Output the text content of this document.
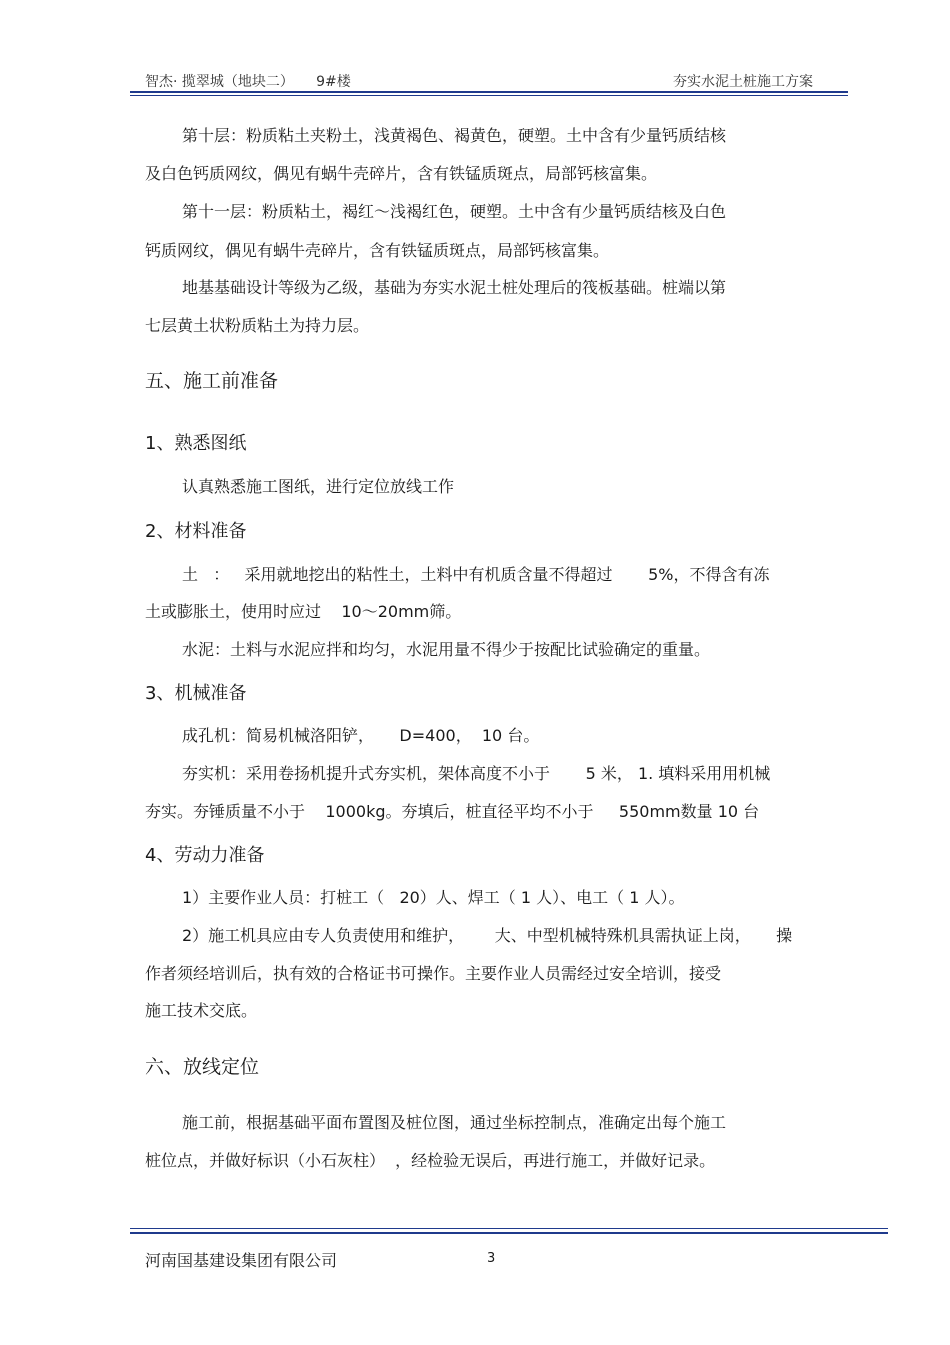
智杰· 揽翠城（地块二）     9#楼	夯实水泥土桩施工方案
第十层：粉质粘土夹粉土，浅黄褐色、褐黄色，硬塑。土中含有少量钙质结核
及白色钙质网纹，偶见有蜗牛壳碎片，含有铁锰质斑点，局部钙核富集。
第十一层：粉质粘土，褐红～浅褐红色，硬塑。土中含有少量钙质结核及白色
钙质网纹，偶见有蜗牛壳碎片，含有铁锰质斑点，局部钙核富集。
地基基础设计等级为乙级，基础为夯实水泥土桩处理后的筏板基础。桩端以第
七层黄土状粉质粘土为持力层。
五、施工前准备
1、熟悉图纸
认真熟悉施工图纸，进行定位放线工作
2、材料准备
土   ：   采用就地挖出的粘性土，土料中有机质含量不得超过       5%，不得含有冻
土或膨胀土，使用时应过    10～20mm筛。
水泥：土料与水泥应拌和均匀，水泥用量不得少于按配比试验确定的重量。
3、机械准备
成孔机：简易机械洛阳铲，     D=400，  10 台。
夯实机：采用卷扬机提升式夯实机，架体高度不小于       5 米， 1. 填料采用用机械
夯实。夯锤质量不小于    1000kg。夯填后，桩直径平均不小于     550mm数量 10 台
4、劳动力准备
1）主要作业人员：打桩工（   20）人、焊工（ 1 人）、电工（ 1 人）。
2）施工机具应由专人负责使用和维护，      大、中型机械特殊机具需执证上岗，     操
作者须经培训后，执有效的合格证书可操作。主要作业人员需经过安全培训，接受
施工技术交底。
六、放线定位
施工前，根据基础平面布置图及桩位图，通过坐标控制点，准确定出每个施工
桩位点，并做好标识（小石灰柱）  ，经检验无误后，再进行施工，并做好记录。
河南国基建设集团有限公司	3
